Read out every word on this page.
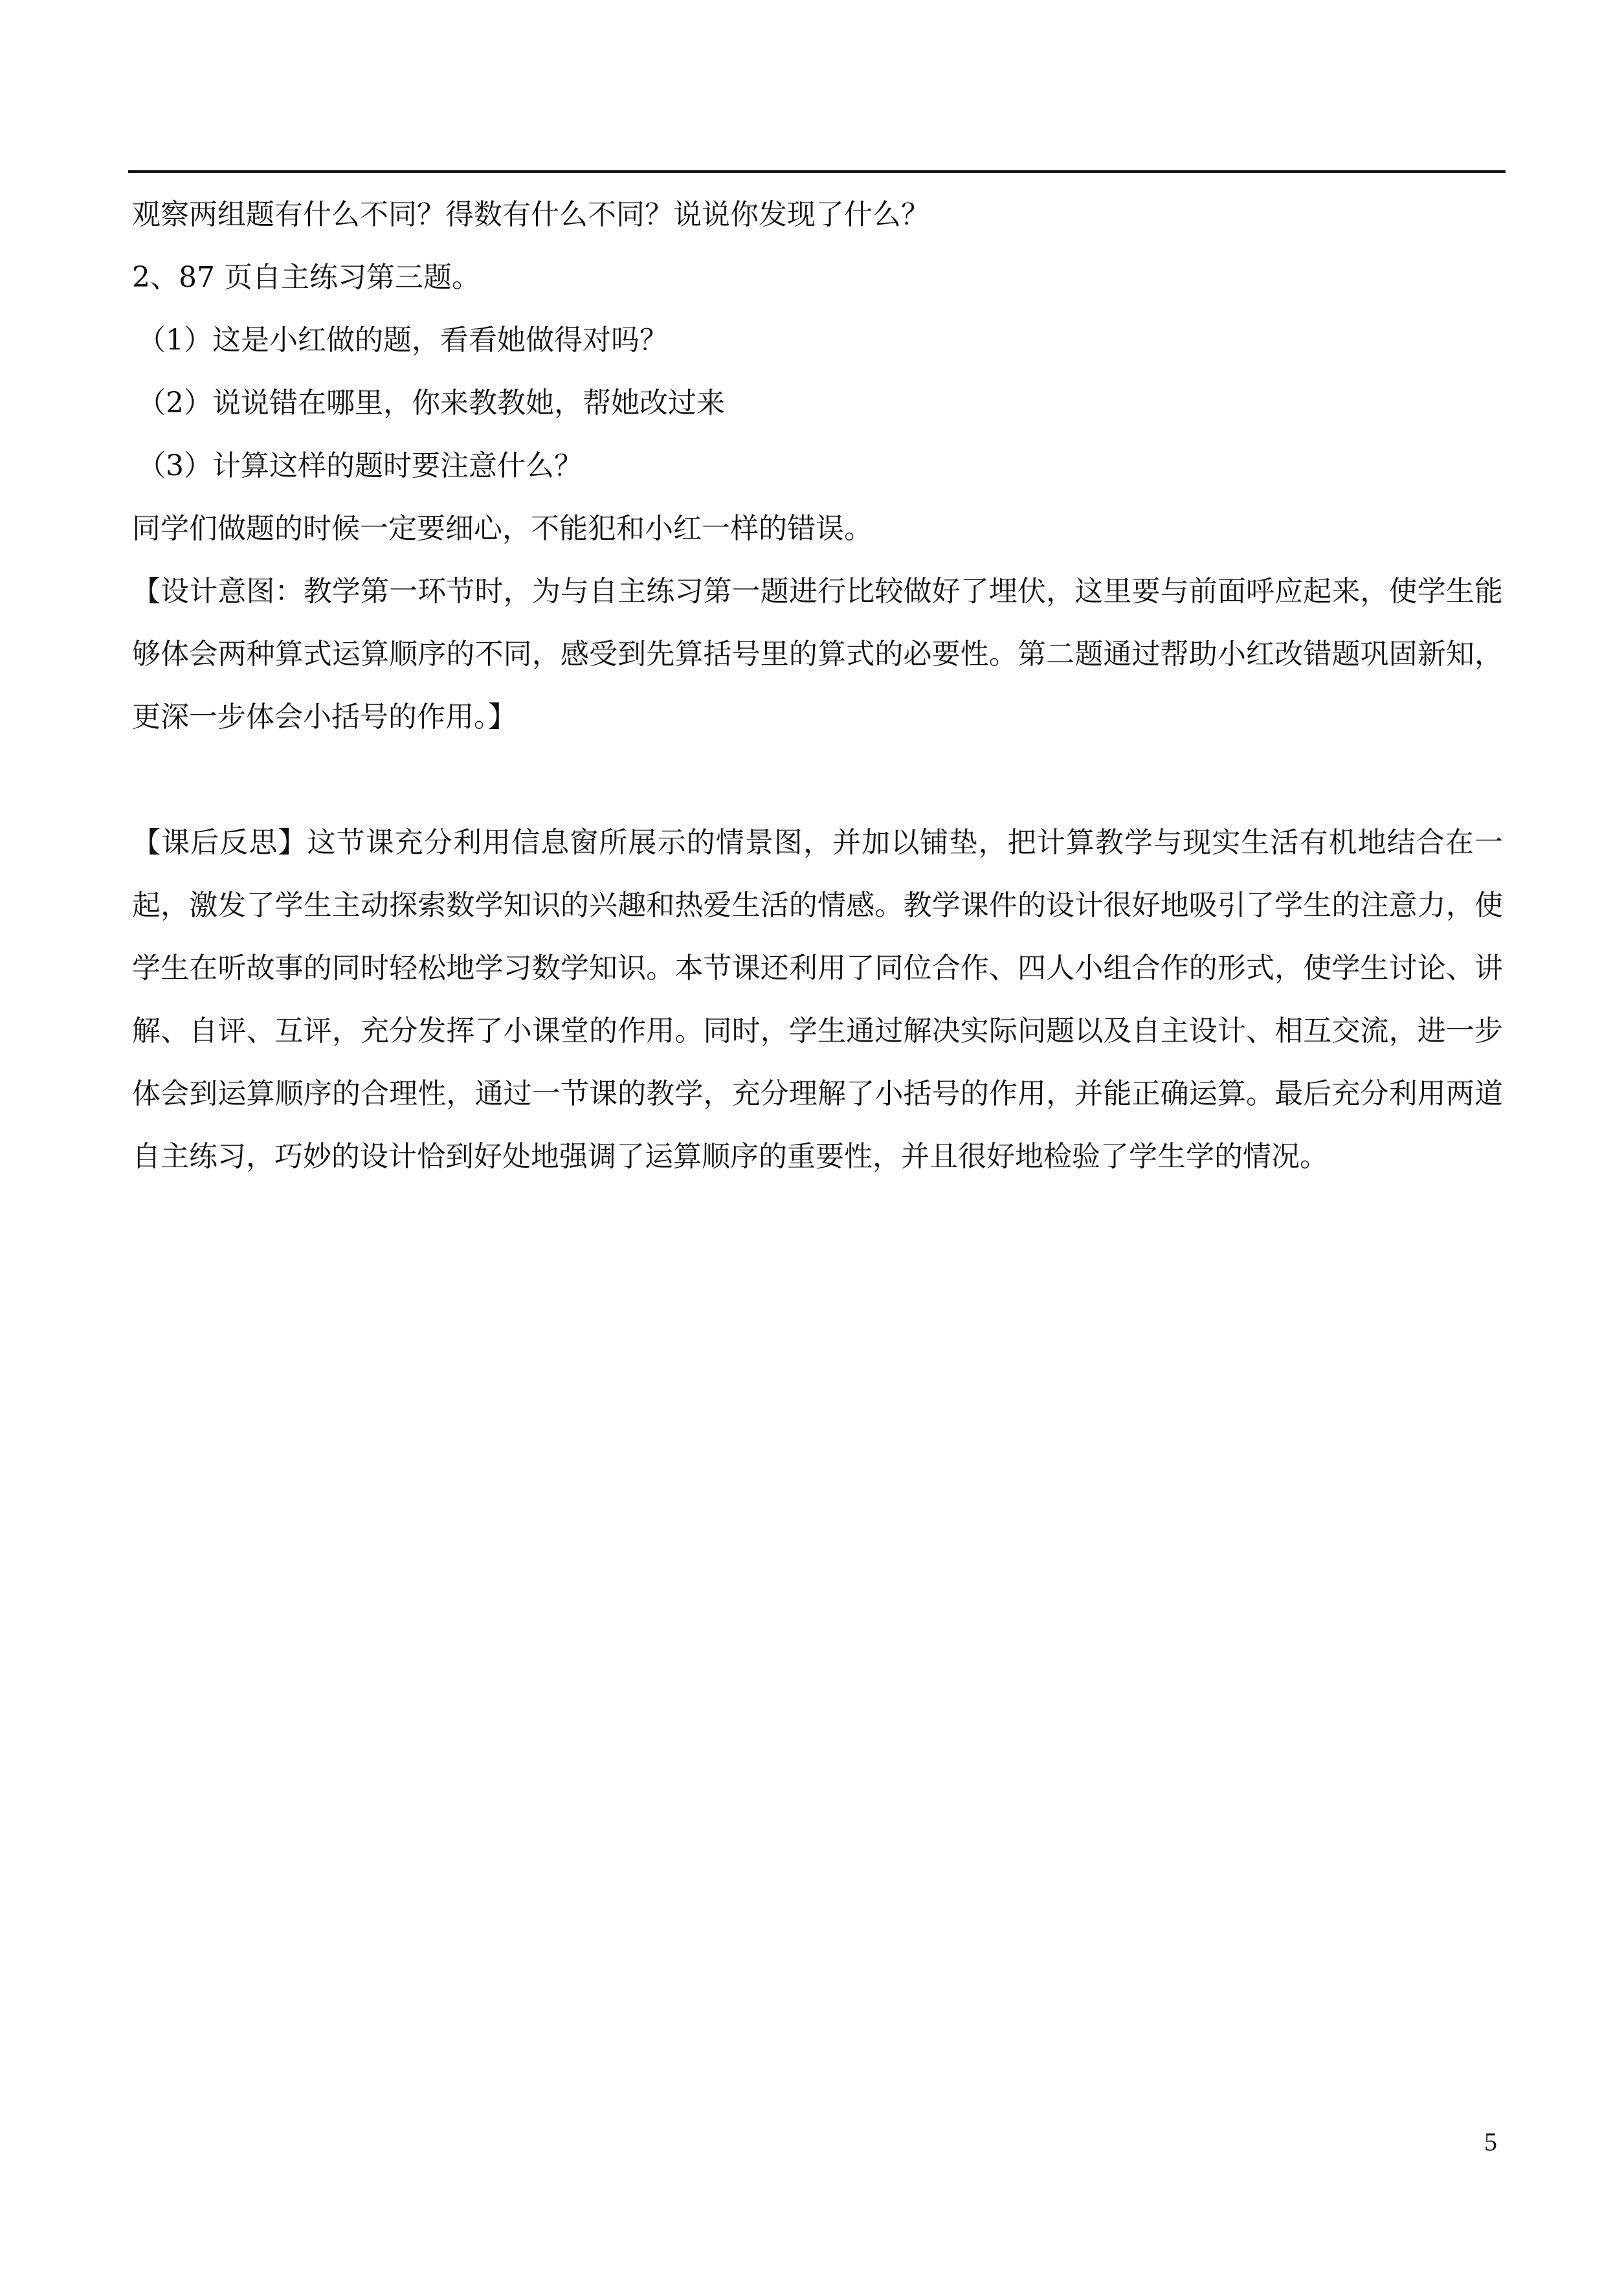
观察两组题有什么不同？得数有什么不同？说说你发现了什么？

2、87 页自主练习第三题。

（1）这是小红做的题，看看她做得对吗？

（2）说说错在哪里，你来教教她，帮她改过来

（3）计算这样的题时要注意什么？

同学们做题的时候一定要细心，不能犯和小红一样的错误。

【设计意图：教学第一环节时，为与自主练习第一题进行比较做好了埋伏，这里要与前面呼应起来，使学生能够体会两种算式运算顺序的不同，感受到先算括号里的算式的必要性。第二题通过帮助小红改错题巩固新知，更深一步体会小括号的作用。】

【课后反思】这节课充分利用信息窗所展示的情景图，并加以铺垫，把计算教学与现实生活有机地结合在一起，激发了学生主动探索数学知识的兴趣和热爱生活的情感。教学课件的设计很好地吸引了学生的注意力，使学生在听故事的同时轻松地学习数学知识。本节课还利用了同位合作、四人小组合作的形式，使学生讨论、讲解、自评、互评，充分发挥了小课堂的作用。同时，学生通过解决实际问题以及自主设计、相互交流，进一步体会到运算顺序的合理性，通过一节课的教学，充分理解了小括号的作用，并能正确运算。最后充分利用两道自主练习，巧妙的设计恰到好处地强调了运算顺序的重要性，并且很好地检验了学生学的情况。

5
